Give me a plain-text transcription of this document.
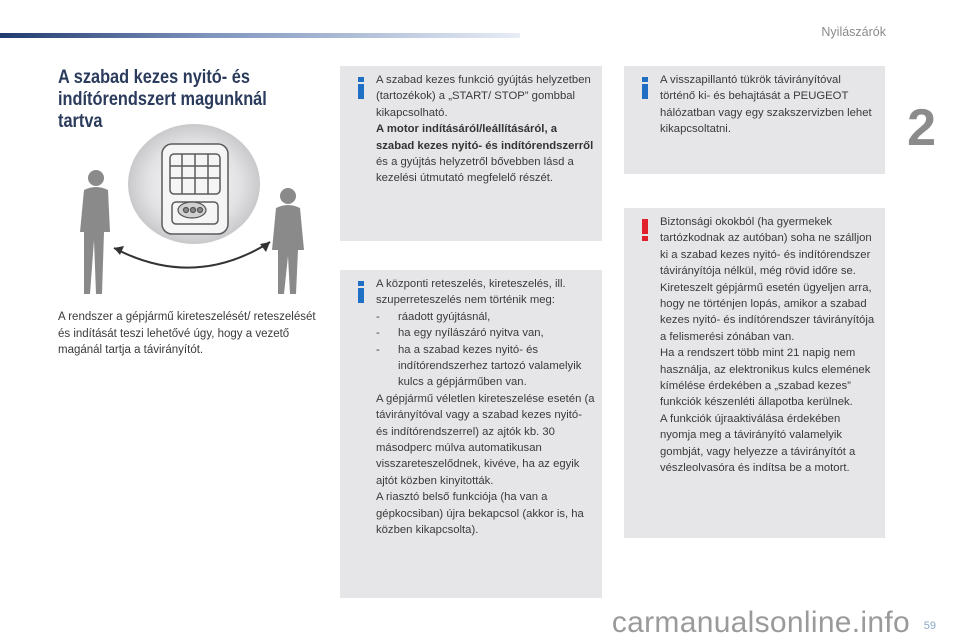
Nyilászárók
2
A szabad kezes nyitó- és indítórendszert magunknál tartva
A rendszer a gépjármű kireteszelését/ reteszelését és indítását teszi lehetővé úgy, hogy a vezető magánál tartja a távirányítót.

A szabad kezes funkció gyújtás helyzetben (tartozékok) a „START/ STOP” gombbal kikapcsolható.

A motor indításáról/leállításáról, a szabad kezes nyitó- és indítórendszerről és a gyújtás helyzetről bővebben lásd a kezelési útmutató megfelelő részét.

A központi reteszelés, kireteszelés, ill. szuperreteszelés nem történik meg:

-	ráadott gyújtásnál,
-	ha egy nyílászáró nyitva van,
-	ha a szabad kezes nyitó- és indítórendszerhez tartozó valamelyik kulcs a gépjárműben van.

A gépjármű véletlen kireteszelése esetén (a távirányítóval vagy a szabad kezes nyitó- és indítórendszerrel) az ajtók kb. 30 másodperc múlva automatikusan visszareteszelődnek, kivéve, ha az egyik ajtót közben kinyitották.

A riasztó belső funkciója (ha van a gépkocsiban) újra bekapcsol (akkor is, ha közben kikapcsolta).

A visszapillantó tükrök távirányítóval történő ki- és behajtását a PEUGEOT hálózatban vagy egy szakszervizben lehet kikapcsoltatni.

Biztonsági okokból (ha gyermekek tartózkodnak az autóban) soha ne szálljon ki a szabad kezes nyitó- és indítórendszer távirányítója nélkül, még rövid időre se.

Kireteszelt gépjármű esetén ügyeljen arra, hogy ne történjen lopás, amikor a szabad kezes nyitó- és indítórendszer távirányítója a felismerési zónában van.

Ha a rendszert több mint 21 napig nem használja, az elektronikus kulcs elemének kímélése érdekében a „szabad kezes” funkciók készenléti állapotba kerülnek.

A funkciók újraaktiválása érdekében nyomja meg a távirányító valamelyik gombját, vagy helyezze a távirányítót a vészleolvasóra és indítsa be a motort.

59
carmanualsonline.info
